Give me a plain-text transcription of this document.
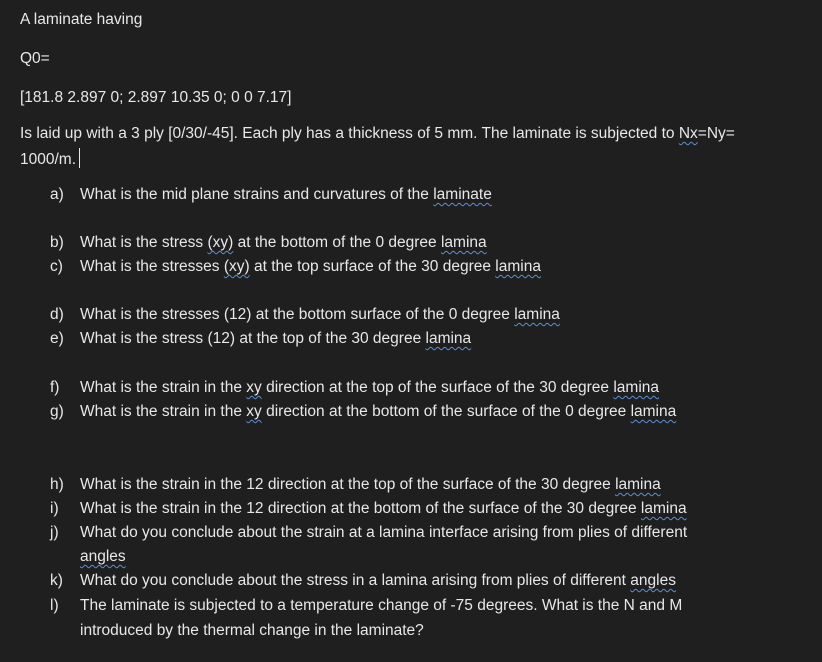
A laminate having
Q0=
[181.8 2.897 0; 2.897 10.35 0; 0 0 7.17]
Is laid up with a 3 ply [0/30/-45]. Each ply has a thickness of 5 mm. The laminate is subjected to Nx=Ny=
1000/m.
a) What is the mid plane strains and curvatures of the laminate
b) What is the stress (xy) at the bottom of the 0 degree lamina
c) What is the stresses (xy) at the top surface of the 30 degree lamina
d) What is the stresses (12) at the bottom surface of the 0 degree lamina
e) What is the stress (12) at the top of the 30 degree lamina
f) What is the strain in the xy direction at the top of the surface of the 30 degree lamina
g) What is the strain in the xy direction at the bottom of the surface of the 0 degree lamina
h) What is the strain in the 12 direction at the top of the surface of the 30 degree lamina
i) What is the strain in the 12 direction at the bottom of the surface of the 30 degree lamina
j) What do you conclude about the strain at a lamina interface arising from plies of different
angles
k) What do you conclude about the stress in a lamina arising from plies of different angles
l) The laminate is subjected to a temperature change of -75 degrees. What is the N and M
introduced by the thermal change in the laminate?
